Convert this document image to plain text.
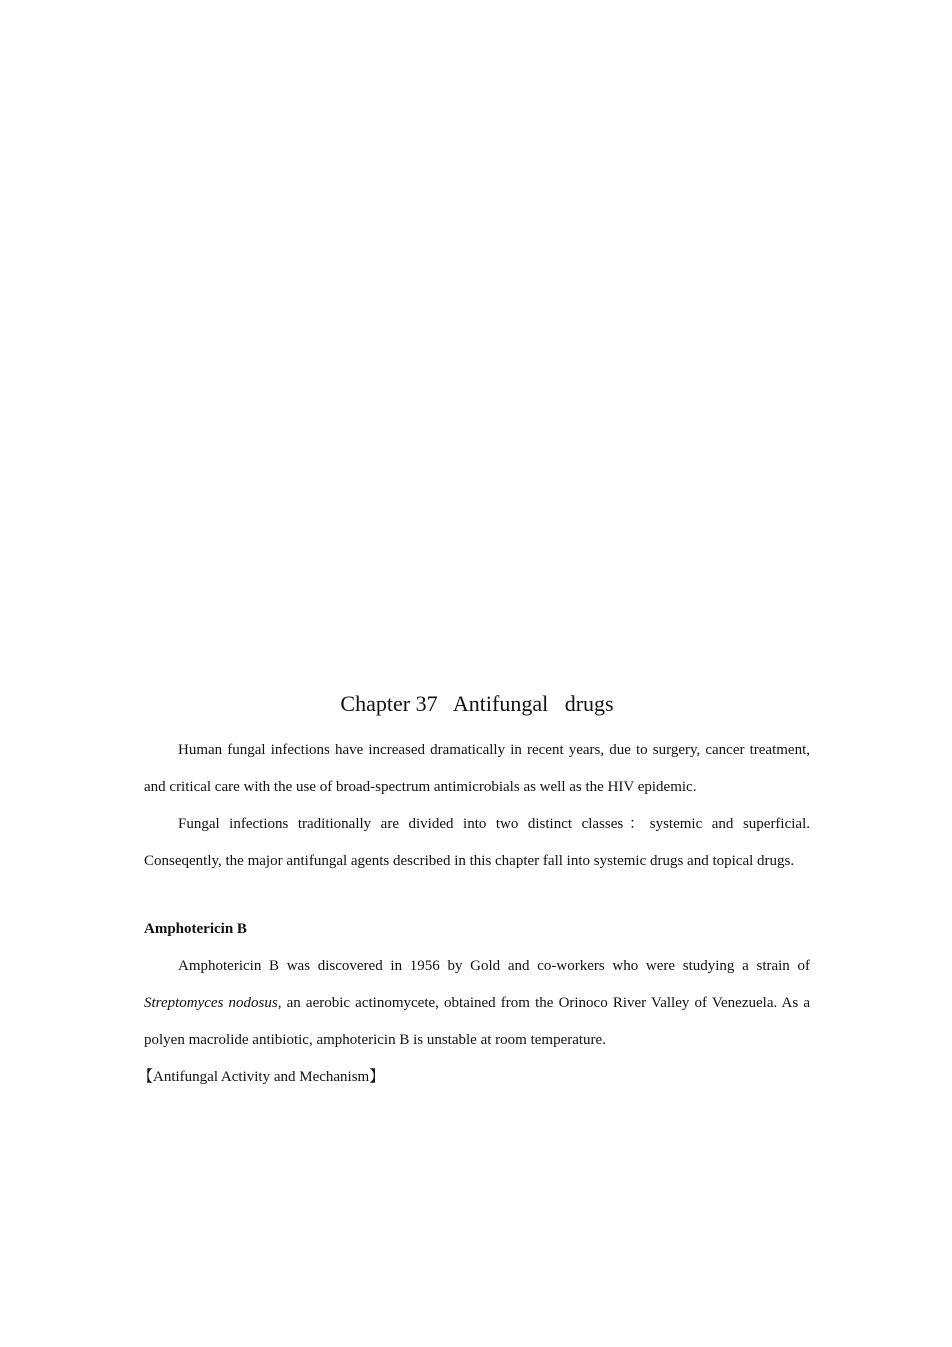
Chapter 37 Antifungal   drugs

Human fungal infections have increased dramatically in recent years, due to surgery, cancer treatment, and critical care with the use of broad-spectrum antimicrobials as well as the HIV epidemic.

Fungal infections traditionally are divided into two distinct classes：systemic and superficial. Conseqently, the major antifungal agents described in this chapter fall into systemic drugs and topical drugs.

Amphotericin B

Amphotericin B was discovered in 1956 by Gold and co-workers who were studying a strain of Streptomyces nodosus, an aerobic actinomycete, obtained from the Orinoco River Valley of Venezuela. As a polyen macrolide antibiotic, amphotericin B is unstable at room temperature.

【Antifungal Activity and Mechanism】
